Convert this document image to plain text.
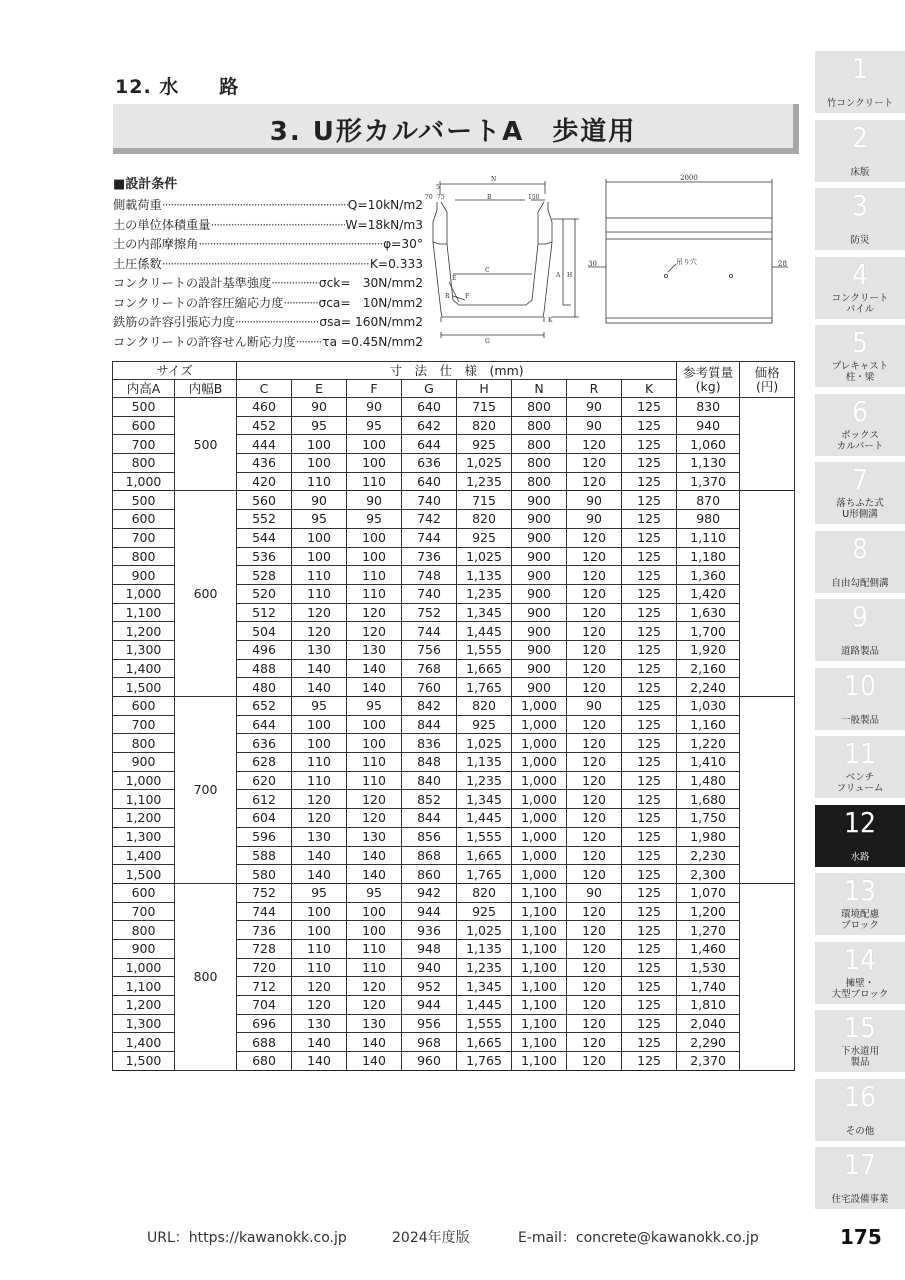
12. 水　　路
3. U形カルバートA　歩道用
■設計条件
側載荷重 ·····	Q=10kN/m2
土の単位体積重量 ·····	W=18kN/m3
土の内部摩擦角 ·····	φ=30°
土圧係数 ·····	K=0.333
コンクリートの設計基準強度 ·····	σck=　30N/mm2
コンクリートの許容圧縮応力度 ·····	σca=　10N/mm2
鉄筋の許容引張応力度 ·····	σsa= 160N/mm2
コンクリートの許容せん断応力度 ····· τa =0.45N/mm2
N
B	150
5
70 75
A H
C
E
F
K
R
G
2000
30	28
吊り穴
サイズ		寸　法　仕　様　(mm)								参考質量
(kg)	価格
(円)
内高A	内幅B	C	E	F	G	H	N	R	K		
500	500	460	90	90	640	715	800	90	125	830	
600		452	95	95	642	820	800	90	125	940	
700		444	100	100	644	925	800	120	125	1,060	
800		436	100	100	636	1,025	800	120	125	1,130	
1,000		420	110	110	640	1,235	800	120	125	1,370	
500	600	560	90	90	740	715	900	90	125	870	
600		552	95	95	742	820	900	90	125	980	
700		544	100	100	744	925	900	120	125	1,110	
800		536	100	100	736	1,025	900	120	125	1,180	
900		528	110	110	748	1,135	900	120	125	1,360	
1,000		520	110	110	740	1,235	900	120	125	1,420	
1,100		512	120	120	752	1,345	900	120	125	1,630	
1,200		504	120	120	744	1,445	900	120	125	1,700	
1,300		496	130	130	756	1,555	900	120	125	1,920	
1,400		488	140	140	768	1,665	900	120	125	2,160	
1,500		480	140	140	760	1,765	900	120	125	2,240	
600	700	652	95	95	842	820	1,000	90	125	1,030	
700		644	100	100	844	925	1,000	120	125	1,160	
800		636	100	100	836	1,025	1,000	120	125	1,220	
900		628	110	110	848	1,135	1,000	120	125	1,410	
1,000		620	110	110	840	1,235	1,000	120	125	1,480	
1,100		612	120	120	852	1,345	1,000	120	125	1,680	
1,200		604	120	120	844	1,445	1,000	120	125	1,750	
1,300		596	130	130	856	1,555	1,000	120	125	1,980	
1,400		588	140	140	868	1,665	1,000	120	125	2,230	
1,500		580	140	140	860	1,765	1,000	120	125	2,300	
600	800	752	95	95	942	820	1,100	90	125	1,070	
700		744	100	100	944	925	1,100	120	125	1,200	
800		736	100	100	936	1,025	1,100	120	125	1,270	
900		728	110	110	948	1,135	1,100	120	125	1,460	
1,000		720	110	110	940	1,235	1,100	120	125	1,530	
1,100		712	120	120	952	1,345	1,100	120	125	1,740	
1,200		704	120	120	944	1,445	1,100	120	125	1,810	
1,300		696	130	130	956	1,555	1,100	120	125	2,040	
1,400		688	140	140	968	1,665	1,100	120	125	2,290	
1,500		680	140	140	960	1,765	1,100	120	125	2,370	
1
竹コンクリート
2
床版
3
防災
4
コンクリート
パイル
5
プレキャスト
柱・梁
6
ボックス
カルバート
7
落ちふた式
U形側溝
8
自由勾配側溝
9
道路製品
10
一般製品
11
ベンチ
フリューム
12
水路
13
環境配慮
ブロック
14
擁壁・
大型ブロック
15
下水道用
製品
16
その他
17
住宅設備事業
URL：https://kawanokk.co.jp	2024年度版	E-mail：concrete@kawanokk.co.jp	175
